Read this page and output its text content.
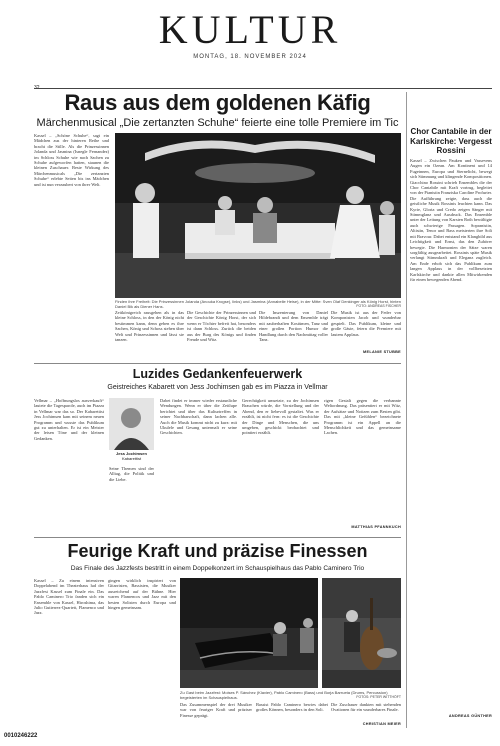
KULTUR
MONTAG, 18. NOVEMBER 2024
32
Raus aus dem goldenen Käfig
Märchenmusical „Die zertanzten Schuhe“ feierte eine tolle Premiere im Tic
Kassel – „Schöne Schuhe“, sagt ein Mädchen aus der hinteren Reihe und bracht die Stille. Als die Prinzessinnen Jolanda und Jasmina (Isnegle Fernandez) im Schloss Schuhe wie nach Sachen zu Schuhe aufgeworfen hatten, staunen die kleinen Zuschauer. Beste Wirkung des Märchenmusicals „Die zertanzten Schuhe“ erlebte Seiten bis ins Mädchen und ist nun verzaubert von ihrer Welt.
Finden ihre Freiheit: Die Prinzessinnen Jolanda (Anouka Krogse), links) und Jasmina (Annabelle Heise), in der Mitte: Sven Olaf Denkinger als König Horst, hinten Daniel Bik als Diener Hans.	FOTO: ANDREAS FISCHER
Zeitkönigreich rausgehen als in das kleine Schloss, in den der König nicht bestimmen kann, denn geben es ihre Sachen, König und Schoss stehen über Welt und Prinzessinnen und lässt sie tanzen.
Die Geschichte der Prinzessinnen und der Geschichte König Horst, der sich wenn er Töchter befreit hat, besonders ist dann Schloss. Zurück die beiden aus der Burg des Königs und finden Freude und Witz.
Die Inszenierung von Daniel Hildebrandt und dem Ensemble trägt mit zauberhaften Kostümen, Tanz und einer großen Portion Humor die Handlung durch den Nachmittag voller Tanz.
Die Musik ist aus der Feder von Komponisten Jacob und wunderbar gespielt. Das Publikum, kleine und große Gäste, feiern die Premiere mit lautem Applaus.
MELANIE STUBBE
Chor Cantabile in der Karlskirche: Vergesst Rossini
Kassel – Zwischen Pauken und Vassevens Augen ein Ozean. Am Kontinent und 14 Fugeinnen, Europa und Sternelicht, bewegt sich Stimmung und klingende Kompositionen. Giacchino Rossini schrieb Ensembles die der Chor Cantabile mit Kraft vortrug, begleitet von der Pianistin Franziska Caroline Profurter. Die Aufführung zeigte, dass auch die geistliche Musik Rossinis leuchten kann. Das Kyrie, Gloria und Credo zeigen Sänger mit Stimmglanz und Ausdruck. Das Ensemble unter der Leitung von Karsten Roth bewältigte auch schwierige Passagen. Sopranistin, Altistin, Tenor und Bass meisterten ihre Soli mit Bravour. Dabei entstand ein Klangbild aus Leichtigkeit und Ernst, das den Zuhörer bewegte. Die Harmonien der Sätze waren sorgfältig ausgearbeitet. Rossinis späte Musik verlangt Stimmkraft und Eleganz zugleich. Am Ende erhob sich das Publikum zum langen Applaus in der vollbesetzten Karlskirche und dankte allen Mitwirkenden für einen bewegenden Abend.
ANDREAS GÜNTHER
Luzides Gedankenfeuerwerk
Geistreiches Kabarett von Jess Jochimsen gab es im Piazza in Vellmar
Vellmar – „Hoffnungslos ausverkauft“ lautete die Tagesparole, auch im Piazza in Vellmar war das so. Der Kabarettist Jess Jochimsen kam mit seinem neuen Programm und wusste das Publikum gut zu unterhalten. Er ist ein Meister der leisen Töne und der kleinen Gedanken.
Jess Jochimsen
Kabarettist
Seine Themen sind der Alltag, die Politik und die Liebe.
Dabei findet er immer wieder erstaunliche Wendungen. Wenn er über die Zeitlupe berichtet und über das Kulturtreffen in seiner Nachbarschaft, dann lachen alle. Auch die Musik kommt nicht zu kurz: mit Ukulele und Gesang untermalt er seine Geschichten.
Gerechtigkeit umsetzte, zu der Jochimsen Brauchen würde, die Vorstellung und der Abend, den er liebevoll gestaltet. Was er erzählt, ist nicht fern: es ist die Geschichte der Dinge und Menschen, die uns umgeben, geschickt beobachtet und pointiert erzählt.
rigen Gestalt gegen die verbannte Weltordnung. Das präsentiert er mit Witz, der Aufsätze und Notizen zum Besten gibt. Das mit „kleine Gefühlen“ bezeichnete Programm ist ein Appell an die Menschlichkeit und das gemeinsame Lachen.
MATTHIAS PFANNKUCH
Feurige Kraft und präzise Finessen
Das Finale des Jazzfests bestritt in einem Doppelkonzert im Schauspielhaus das Pablo Caminero Trio
Kassel – Zu einem intensiven Doppelabend im Theaterhaus lud der Jazzfest Kassel zum Finale ein. Das Pablo Caminero Trio fanden sich ein Ensemble von Kassel, Hiroshima, das Julio Gutierrez-Quartett, Flamenco und Jazz.
gingen wirklich inspiriert von Gitarristen, Bassisten, die Musiker ausreichend auf der Bühne. Hier waren Flamencos und Jazz mit den besten Solisten durch Europa und hingen gemeinsam.
Zu Gast beim Jazzfest: Moises P. Sánchez (Klavier), Pablo Caminero (Bass) und Borja Barrueta (Drums, Percussion) begeisterten im Schauspielhaus.	FOTOS: PETER WITTHÖFT
Das Zusammenspiel der drei Musiker war von feuriger Kraft und präziser Finesse geprägt.
Bassist Pablo Caminero bewies dabei großes Können, besonders in den Soli.
Die Zuschauer dankten mit stehenden Ovationen für ein wunderbares Finale.
CHRISTIAN MEIER
0010246222
